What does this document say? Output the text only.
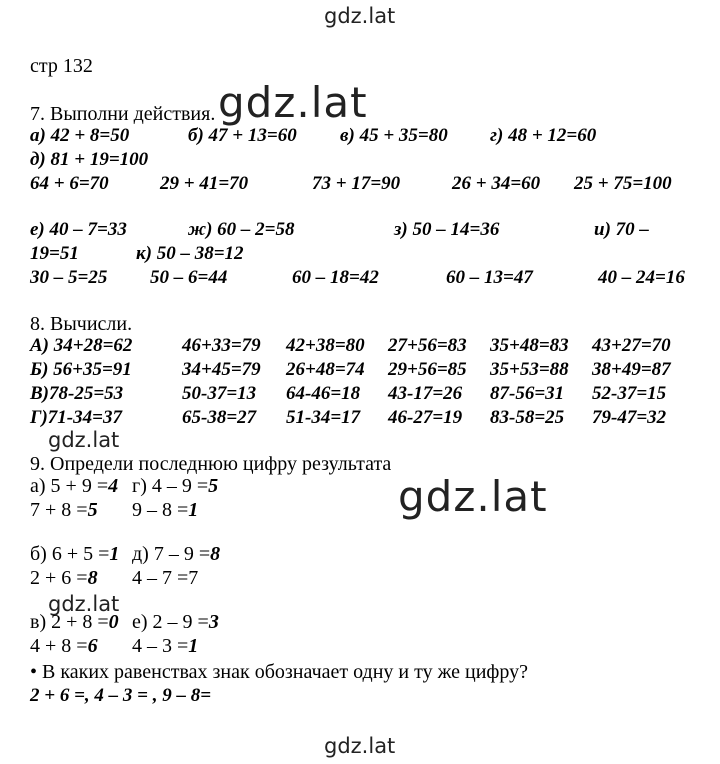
gdz.lat
gdz.lat
gdz.lat
gdz.lat
gdz.lat
gdz.lat
стр 132
7. Выполни действия.
а) 42 + 8=50	б) 47 + 13=60 в) 45 + 35=80 г) 48 + 12=60
д) 81 + 19=100
64 + 6=70	29 + 41=70	73 + 17=90	26 + 34=60 25 + 75=100
е) 40 – 7=33	ж) 60 – 2=58	з) 50 – 14=36	и) 70 –
19=51	к) 50 – 38=12
30 – 5=25 50 – 6=44	60 – 18=42	60 – 13=47	40 – 24=16
8. Вычисли.
А) 34+28=62	46+33=79 42+38=80 27+56=83 35+48=83 43+27=70
Б) 56+35=91	34+45=79 26+48=74 29+56=85 35+53=88 38+49=87
В)78-25=53	50-37=13 64-46=18 43-17=26 87-56=31 52-37=15
Г)71-34=37	65-38=27 51-34=17 46-27=19 83-58=25 79-47=32
9. Определи последнюю цифру результата
а) 5 + 9 =4 г) 4 – 9 =5
7 + 8 =5 9 – 8 =1
б) 6 + 5 =1 д) 7 – 9 =8
2 + 6 =8 4 – 7 =7
в) 2 + 8 =0 е) 2 – 9 =3
4 + 8 =6 4 – 3 =1
• В каких равенствах знак обозначает одну и ту же цифру?
2 + 6 =, 4 – 3 = , 9 – 8=
